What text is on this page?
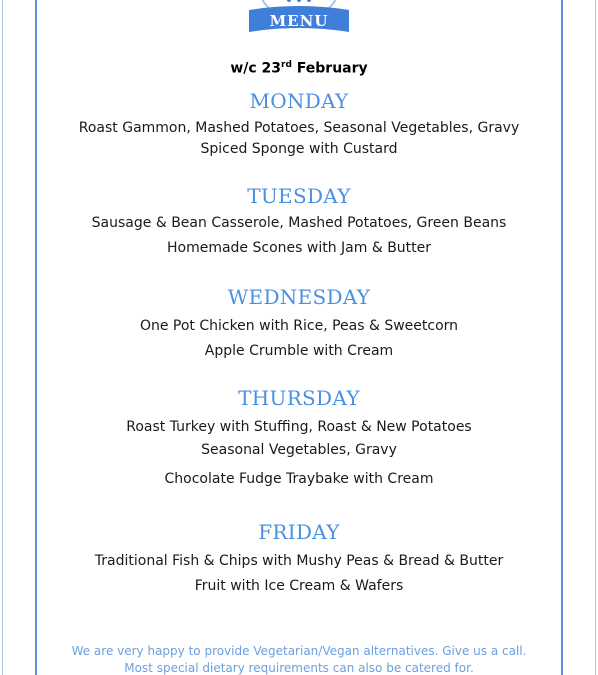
MENU
w/c 23rd February
MONDAY
Roast Gammon, Mashed Potatoes, Seasonal Vegetables, Gravy
Spiced Sponge with Custard
TUESDAY
Sausage & Bean Casserole, Mashed Potatoes, Green Beans
Homemade Scones with Jam & Butter
WEDNESDAY
One Pot Chicken with Rice, Peas & Sweetcorn
Apple Crumble with Cream
THURSDAY
Roast Turkey with Stuffing, Roast & New Potatoes
Seasonal Vegetables, Gravy
Chocolate Fudge Traybake with Cream
FRIDAY
Traditional Fish & Chips with Mushy Peas & Bread & Butter
Fruit with Ice Cream & Wafers
We are very happy to provide Vegetarian/Vegan alternatives. Give us a call.
Most special dietary requirements can also be catered for.
